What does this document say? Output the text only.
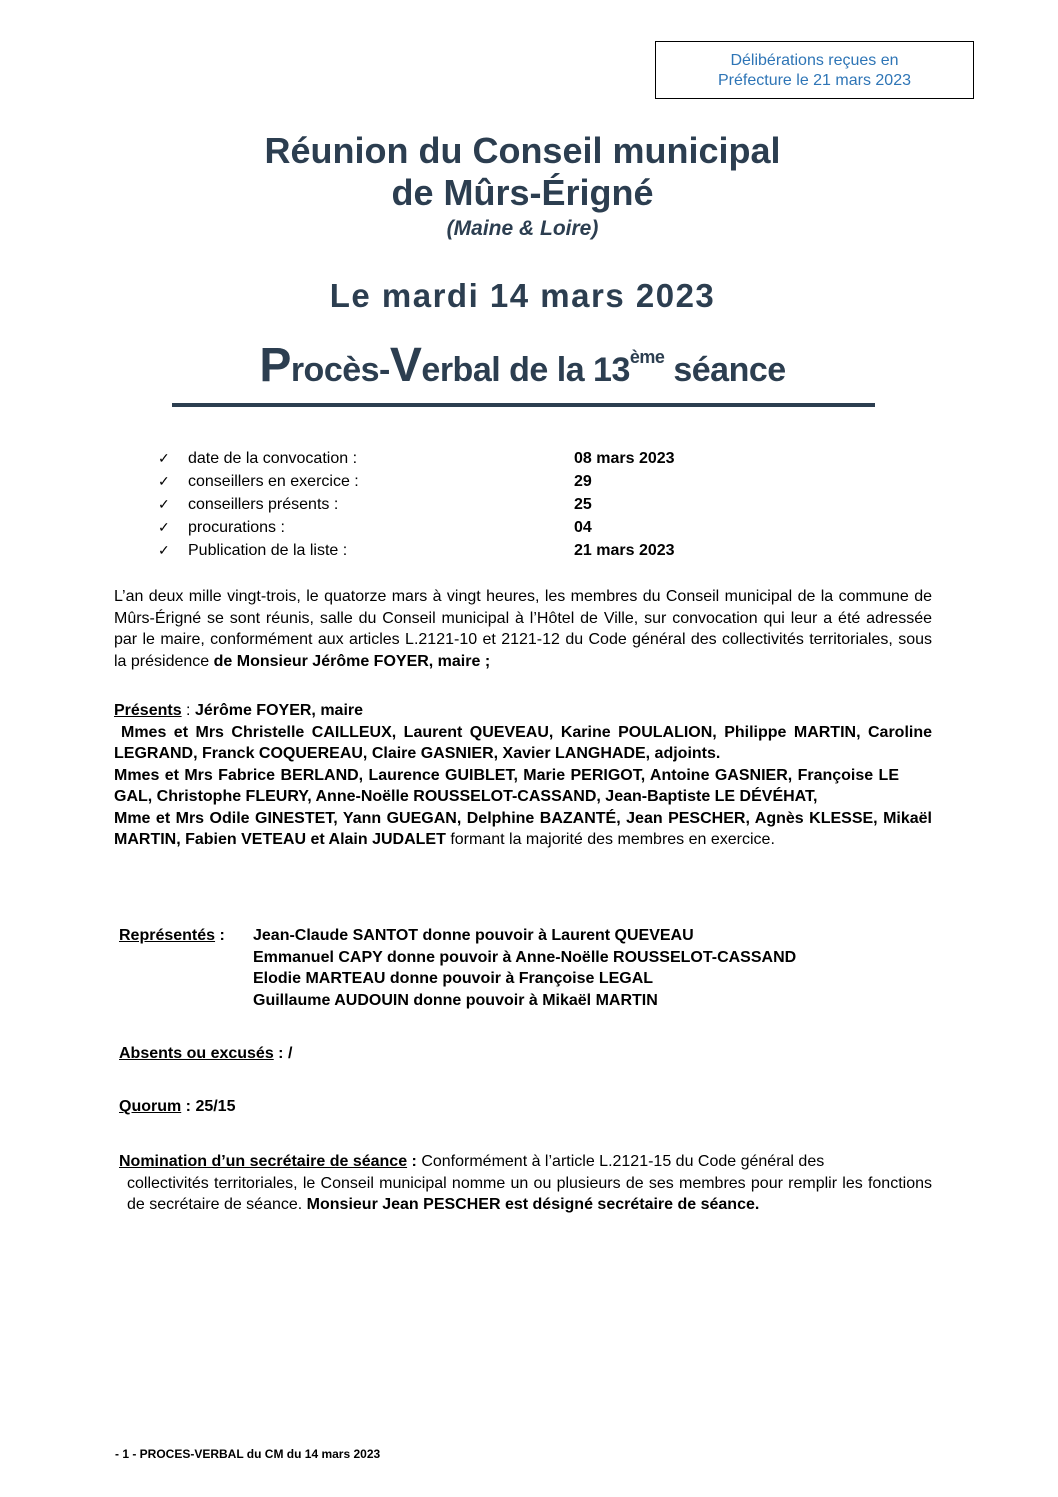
Délibérations reçues en
Préfecture le 21 mars 2023
Réunion du Conseil municipal
de Mûrs-Érigné
(Maine & Loire)
Le mardi 14 mars 2023
Procès-Verbal de la 13ème séance
✓ date de la convocation :	08 mars 2023
✓ conseillers en exercice :	29
✓ conseillers présents :	25
✓ procurations :	04
✓ Publication de la liste :	21 mars 2023
L’an deux mille vingt-trois, le quatorze mars à vingt heures, les membres du Conseil municipal de la commune de Mûrs-Érigné se sont réunis, salle du Conseil municipal à l’Hôtel de Ville, sur convocation qui leur a été adressée par le maire, conformément aux articles L.2121-10 et 2121-12 du Code général des collectivités territoriales, sous la présidence de Monsieur Jérôme FOYER, maire ;
Présents : Jérôme FOYER, maire
Mmes et Mrs Christelle CAILLEUX, Laurent QUEVEAU, Karine POULALION, Philippe MARTIN, Caroline LEGRAND, Franck COQUEREAU, Claire GASNIER, Xavier LANGHADE, adjoints.
Mmes et Mrs Fabrice BERLAND, Laurence GUIBLET, Marie PERIGOT, Antoine GASNIER, Françoise LE GAL, Christophe FLEURY, Anne-Noëlle ROUSSELOT-CASSAND, Jean-Baptiste LE DÉVÉHAT,
Mme et Mrs Odile GINESTET, Yann GUEGAN, Delphine BAZANTÉ, Jean PESCHER, Agnès KLESSE, Mikaël MARTIN, Fabien VETEAU et Alain JUDALET formant la majorité des membres en exercice.
Représentés : Jean-Claude SANTOT donne pouvoir à Laurent QUEVEAU
Emmanuel CAPY donne pouvoir à Anne-Noëlle ROUSSELOT-CASSAND
Elodie MARTEAU donne pouvoir à Françoise LEGAL
Guillaume AUDOUIN donne pouvoir à Mikaël MARTIN
Absents ou excusés : /
Quorum : 25/15
Nomination d’un secrétaire de séance : Conformément à l’article L.2121-15 du Code général des
collectivités territoriales, le Conseil municipal nomme un ou plusieurs de ses membres pour remplir les fonctions de secrétaire de séance. Monsieur Jean PESCHER est désigné secrétaire de séance.
- 1 - PROCES-VERBAL du CM du 14 mars 2023
